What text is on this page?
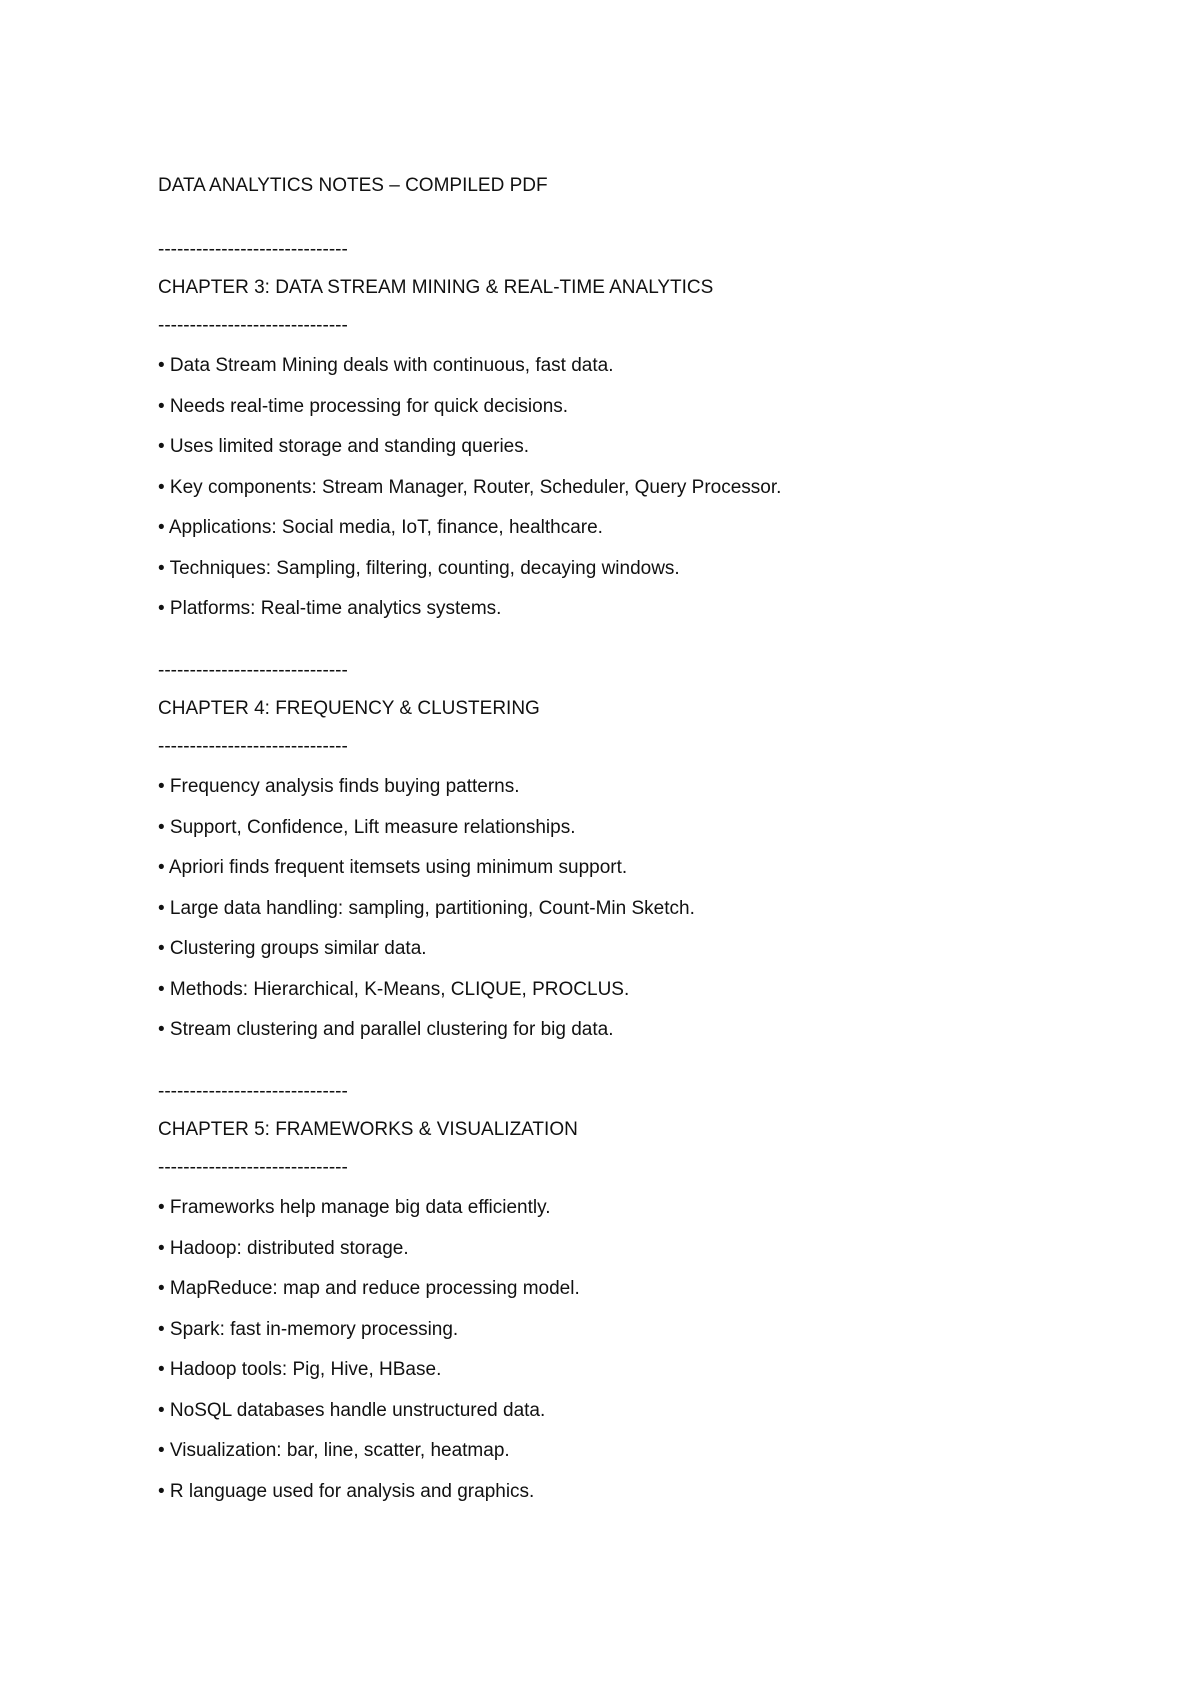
DATA ANALYTICS NOTES – COMPILED PDF

------------------------------

CHAPTER 3: DATA STREAM MINING & REAL-TIME ANALYTICS

------------------------------

• Data Stream Mining deals with continuous, fast data.
• Needs real-time processing for quick decisions.
• Uses limited storage and standing queries.
• Key components: Stream Manager, Router, Scheduler, Query Processor.
• Applications: Social media, IoT, finance, healthcare.
• Techniques: Sampling, filtering, counting, decaying windows.
• Platforms: Real-time analytics systems.

------------------------------

CHAPTER 4: FREQUENCY & CLUSTERING

------------------------------

• Frequency analysis finds buying patterns.
• Support, Confidence, Lift measure relationships.
• Apriori finds frequent itemsets using minimum support.
• Large data handling: sampling, partitioning, Count-Min Sketch.
• Clustering groups similar data.
• Methods: Hierarchical, K-Means, CLIQUE, PROCLUS.
• Stream clustering and parallel clustering for big data.

------------------------------

CHAPTER 5: FRAMEWORKS & VISUALIZATION

------------------------------

• Frameworks help manage big data efficiently.
• Hadoop: distributed storage.
• MapReduce: map and reduce processing model.
• Spark: fast in-memory processing.
• Hadoop tools: Pig, Hive, HBase.
• NoSQL databases handle unstructured data.
• Visualization: bar, line, scatter, heatmap.
• R language used for analysis and graphics.
